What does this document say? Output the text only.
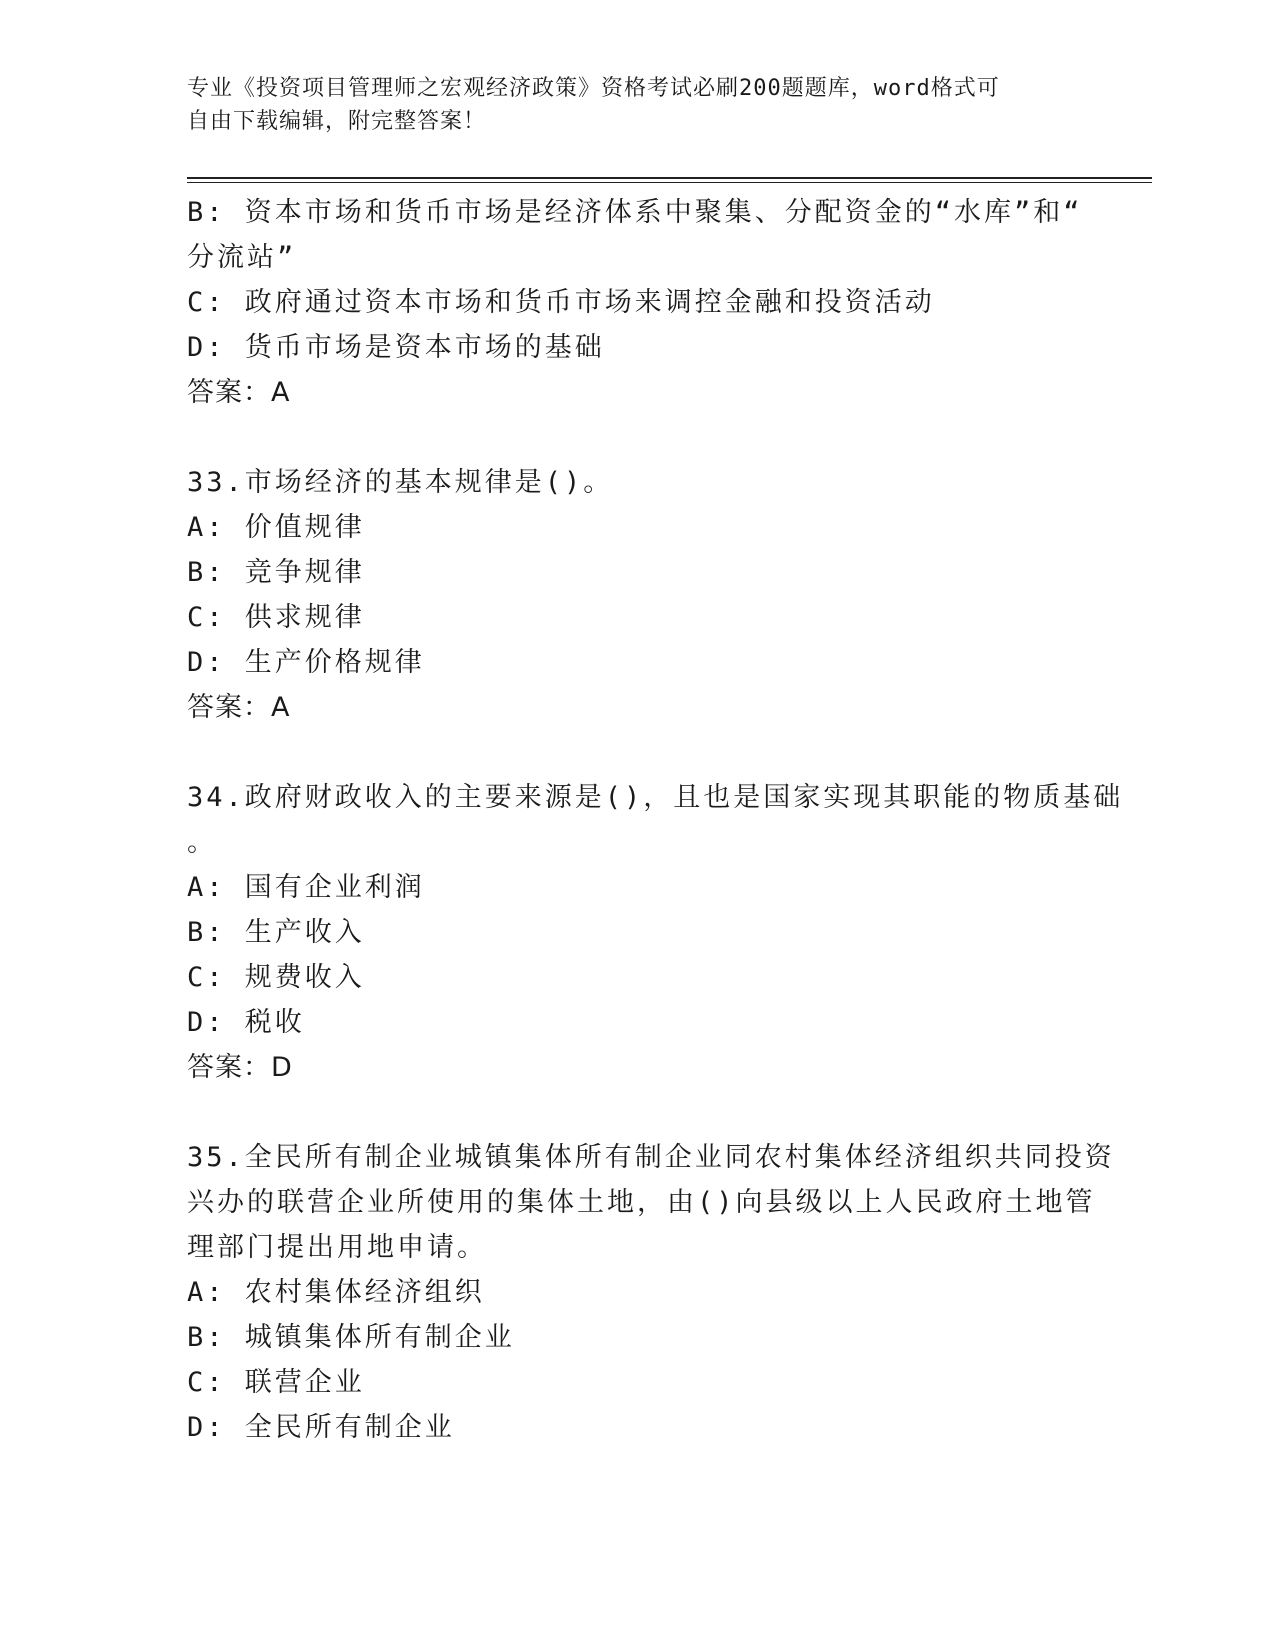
专业《投资项目管理师之宏观经济政策》资格考试必刷200题题库，word格式可
自由下载编辑，附完整答案！
B: 资本市场和货币市场是经济体系中聚集、分配资金的“水库”和“
分流站”
C: 政府通过资本市场和货币市场来调控金融和投资活动
D: 货币市场是资本市场的基础
答案：A
33.市场经济的基本规律是()。
A: 价值规律
B: 竞争规律
C: 供求规律
D: 生产价格规律
答案：A
34.政府财政收入的主要来源是()，且也是国家实现其职能的物质基础
。
A: 国有企业利润
B: 生产收入
C: 规费收入
D: 税收
答案：D
35.全民所有制企业城镇集体所有制企业同农村集体经济组织共同投资
兴办的联营企业所使用的集体土地，由()向县级以上人民政府土地管
理部门提出用地申请。
A: 农村集体经济组织
B: 城镇集体所有制企业
C: 联营企业
D: 全民所有制企业
